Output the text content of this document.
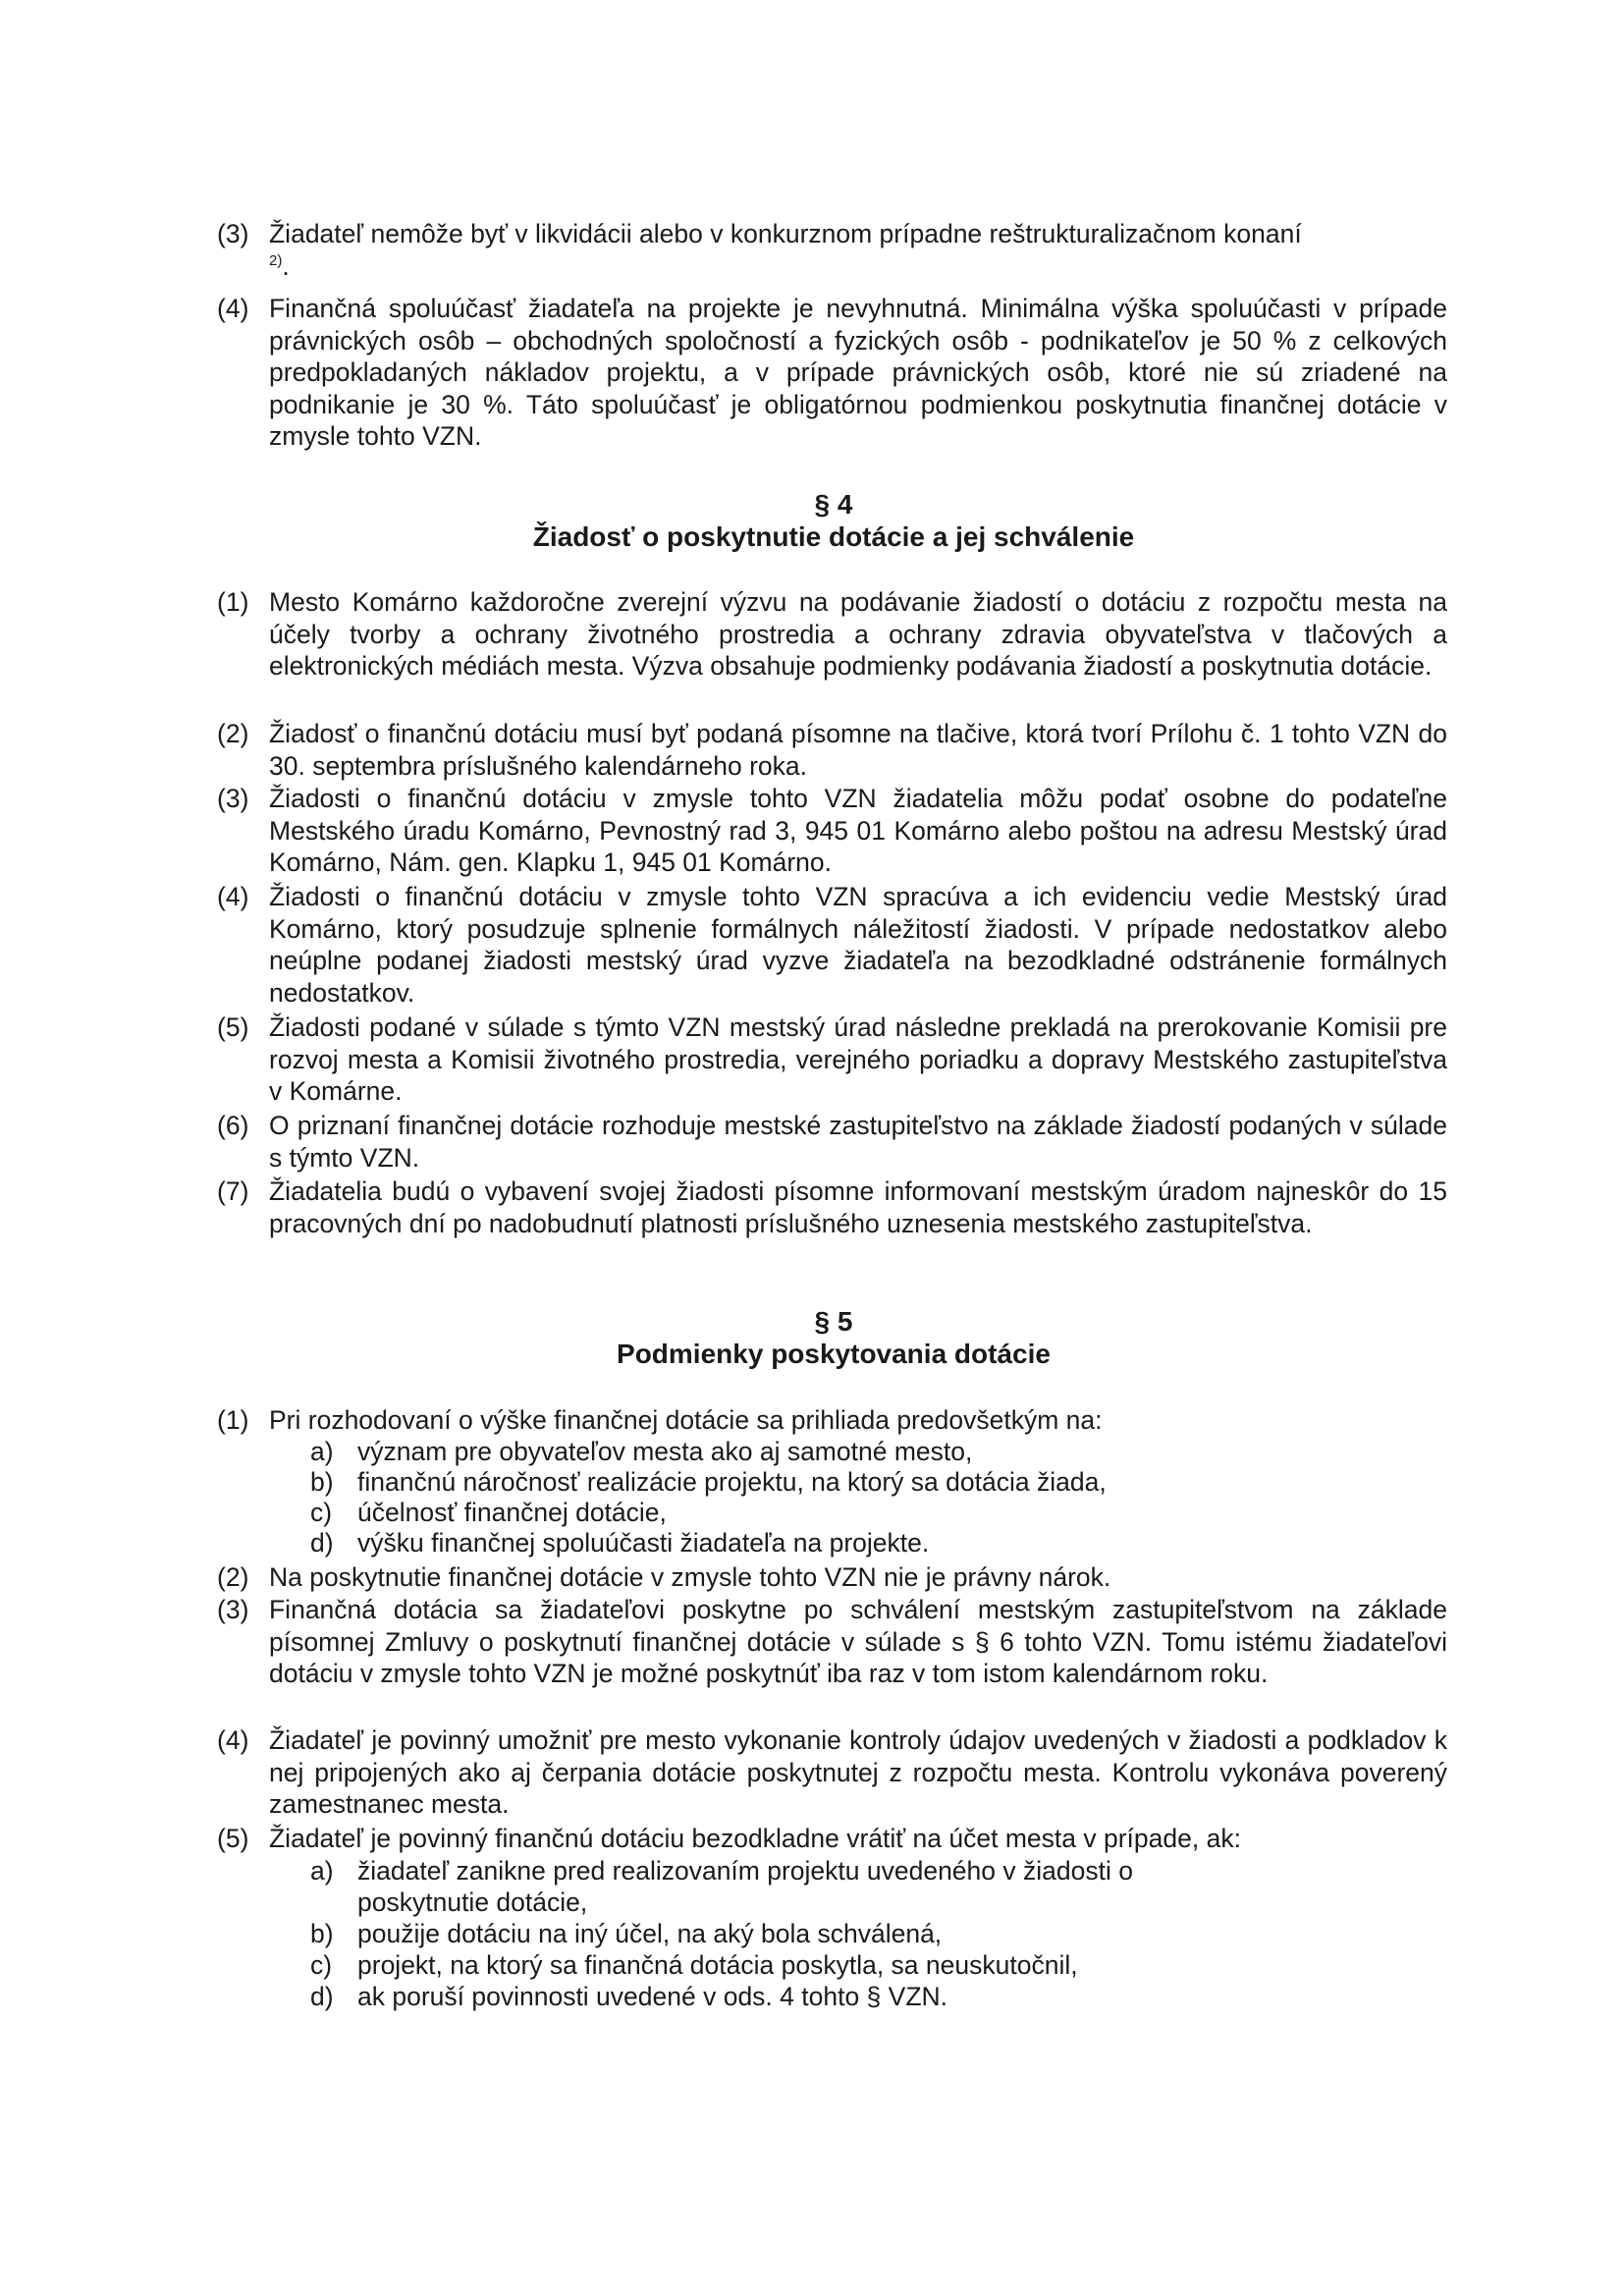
(3) Žiadateľ nemôže byť v likvidácii alebo v konkurznom prípadne reštrukturalizačnom konaní
$^{2)}$.
(4) Finančná spoluúčasť žiadateľa na projekte je nevyhnutná. Minimálna výška spoluúčasti v prípade právnických osôb – obchodných spoločností a fyzických osôb - podnikateľov je 50 % z celkových predpokladaných nákladov projektu, a v prípade právnických osôb, ktoré nie sú zriadené na podnikanie je 30 %. Táto spoluúčasť je obligatórnou podmienkou poskytnutia finančnej dotácie v zmysle tohto VZN.
§ 4
Žiadosť o poskytnutie dotácie a jej schválenie
(1) Mesto Komárno každoročne zverejní výzvu na podávanie žiadostí o dotáciu z rozpočtu mesta na účely tvorby a ochrany životného prostredia a ochrany zdravia obyvateľstva v tlačových a elektronických médiách mesta. Výzva obsahuje podmienky podávania žiadostí a poskytnutia dotácie.
(2) Žiadosť o finančnú dotáciu musí byť podaná písomne na tlačive, ktorá tvorí Prílohu č. 1 tohto VZN do 30. septembra príslušného kalendárneho roka.
(3) Žiadosti o finančnú dotáciu v zmysle tohto VZN žiadatelia môžu podať osobne do podateľne Mestského úradu Komárno, Pevnostný rad 3, 945 01 Komárno alebo poštou na adresu Mestský úrad Komárno, Nám. gen. Klapku 1, 945 01 Komárno.
(4) Žiadosti o finančnú dotáciu v zmysle tohto VZN spracúva a ich evidenciu vedie Mestský úrad Komárno, ktorý posudzuje splnenie formálnych náležitostí žiadosti. V prípade nedostatkov alebo neúplne podanej žiadosti mestský úrad vyzve žiadateľa na bezodkladné odstránenie formálnych nedostatkov.
(5) Žiadosti podané v súlade s týmto VZN mestský úrad následne prekladá na prerokovanie Komisii pre rozvoj mesta a Komisii životného prostredia, verejného poriadku a dopravy Mestského zastupiteľstva v Komárne.
(6) O priznaní finančnej dotácie rozhoduje mestské zastupiteľstvo na základe žiadostí podaných v súlade s týmto VZN.
(7) Žiadatelia budú o vybavení svojej žiadosti písomne informovaní mestským úradom najneskôr do 15 pracovných dní po nadobudnutí platnosti príslušného uznesenia mestského zastupiteľstva.
§ 5
Podmienky poskytovania dotácie
(1) Pri rozhodovaní o výške finančnej dotácie sa prihliada predovšetkým na:
a) význam pre obyvateľov mesta ako aj samotné mesto,
b) finančnú náročnosť realizácie projektu, na ktorý sa dotácia žiada,
c) účelnosť finančnej dotácie,
d) výšku finančnej spoluúčasti žiadateľa na projekte.
(2) Na poskytnutie finančnej dotácie v zmysle tohto VZN nie je právny nárok.
(3) Finančná dotácia sa žiadateľovi poskytne po schválení mestským zastupiteľstvom na základe písomnej Zmluvy o poskytnutí finančnej dotácie v súlade s § 6 tohto VZN. Tomu istému žiadateľovi dotáciu v zmysle tohto VZN je možné poskytnúť iba raz v tom istom kalendárnom roku.
(4) Žiadateľ je povinný umožniť pre mesto vykonanie kontroly údajov uvedených v žiadosti a podkladov k nej pripojených ako aj čerpania dotácie poskytnutej z rozpočtu mesta. Kontrolu vykonáva poverený zamestnanec mesta.
(5) Žiadateľ je povinný finančnú dotáciu bezodkladne vrátiť na účet mesta v prípade, ak:
a) žiadateľ zanikne pred realizovaním projektu uvedeného v žiadosti o poskytnutie dotácie,
b) použije dotáciu na iný účel, na aký bola schválená,
c) projekt, na ktorý sa finančná dotácia poskytla, sa neuskutočnil,
d) ak poruší povinnosti uvedené v ods. 4 tohto § VZN.
